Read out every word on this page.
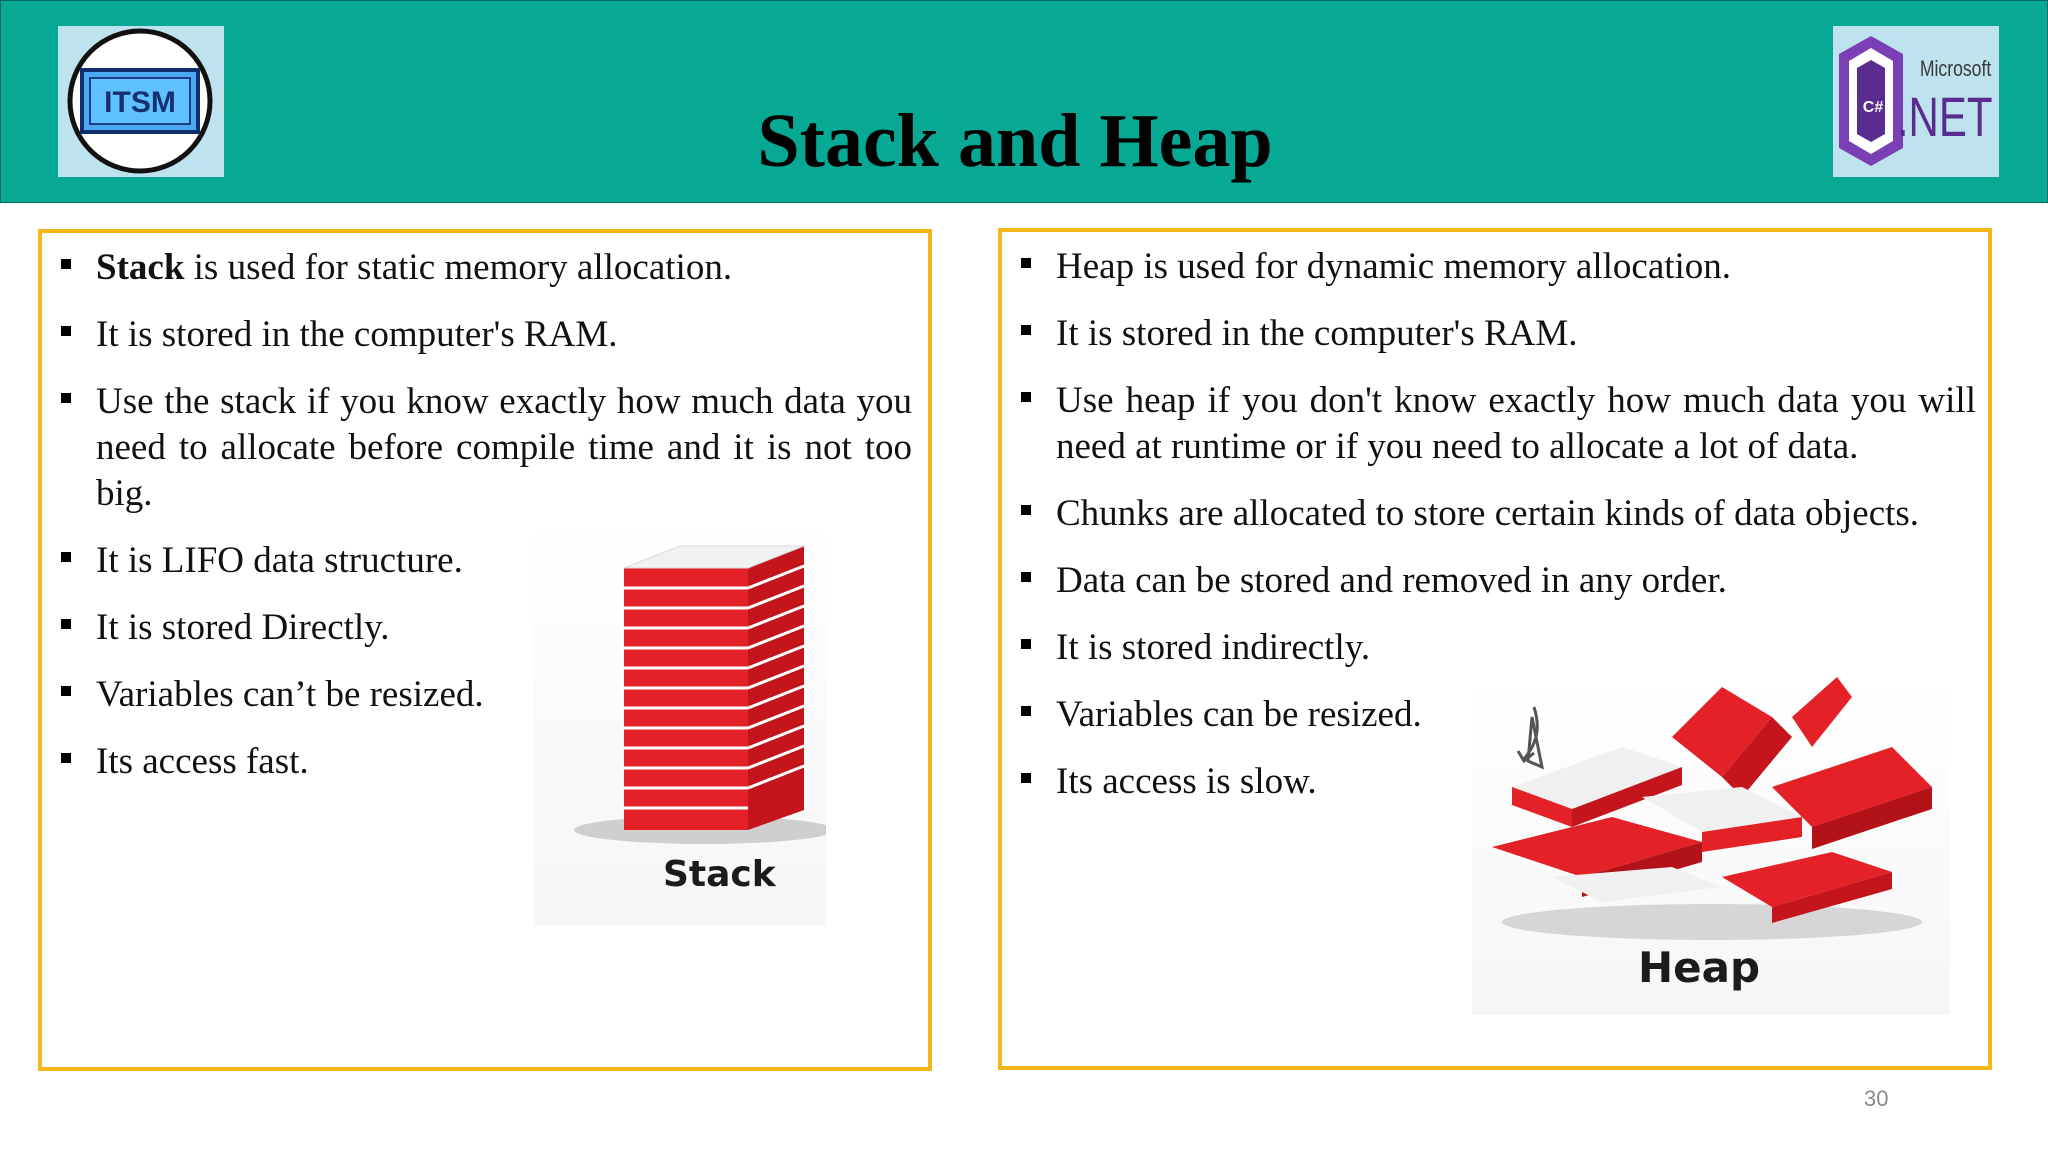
ITSM	Stack and Heap	C#
Microsoft
.NET
Stack is used for static memory allocation.
It is stored in the computer's RAM.
Use the stack if you know exactly how much data you need to allocate before compile time and it is not too big.
It is LIFO data structure.
It is stored Directly.
Variables can’t be resized.
Its access fast.
Stack
Heap is used for dynamic memory allocation.
It is stored in the computer's RAM.
Use heap if you don't know exactly how much data you will need at runtime or if you need to allocate a lot of data.
Chunks are allocated to store certain kinds of data objects.
Data can be stored and removed in any order.
It is stored indirectly.
Variables can be resized.
Its access is slow.
Heap
30
